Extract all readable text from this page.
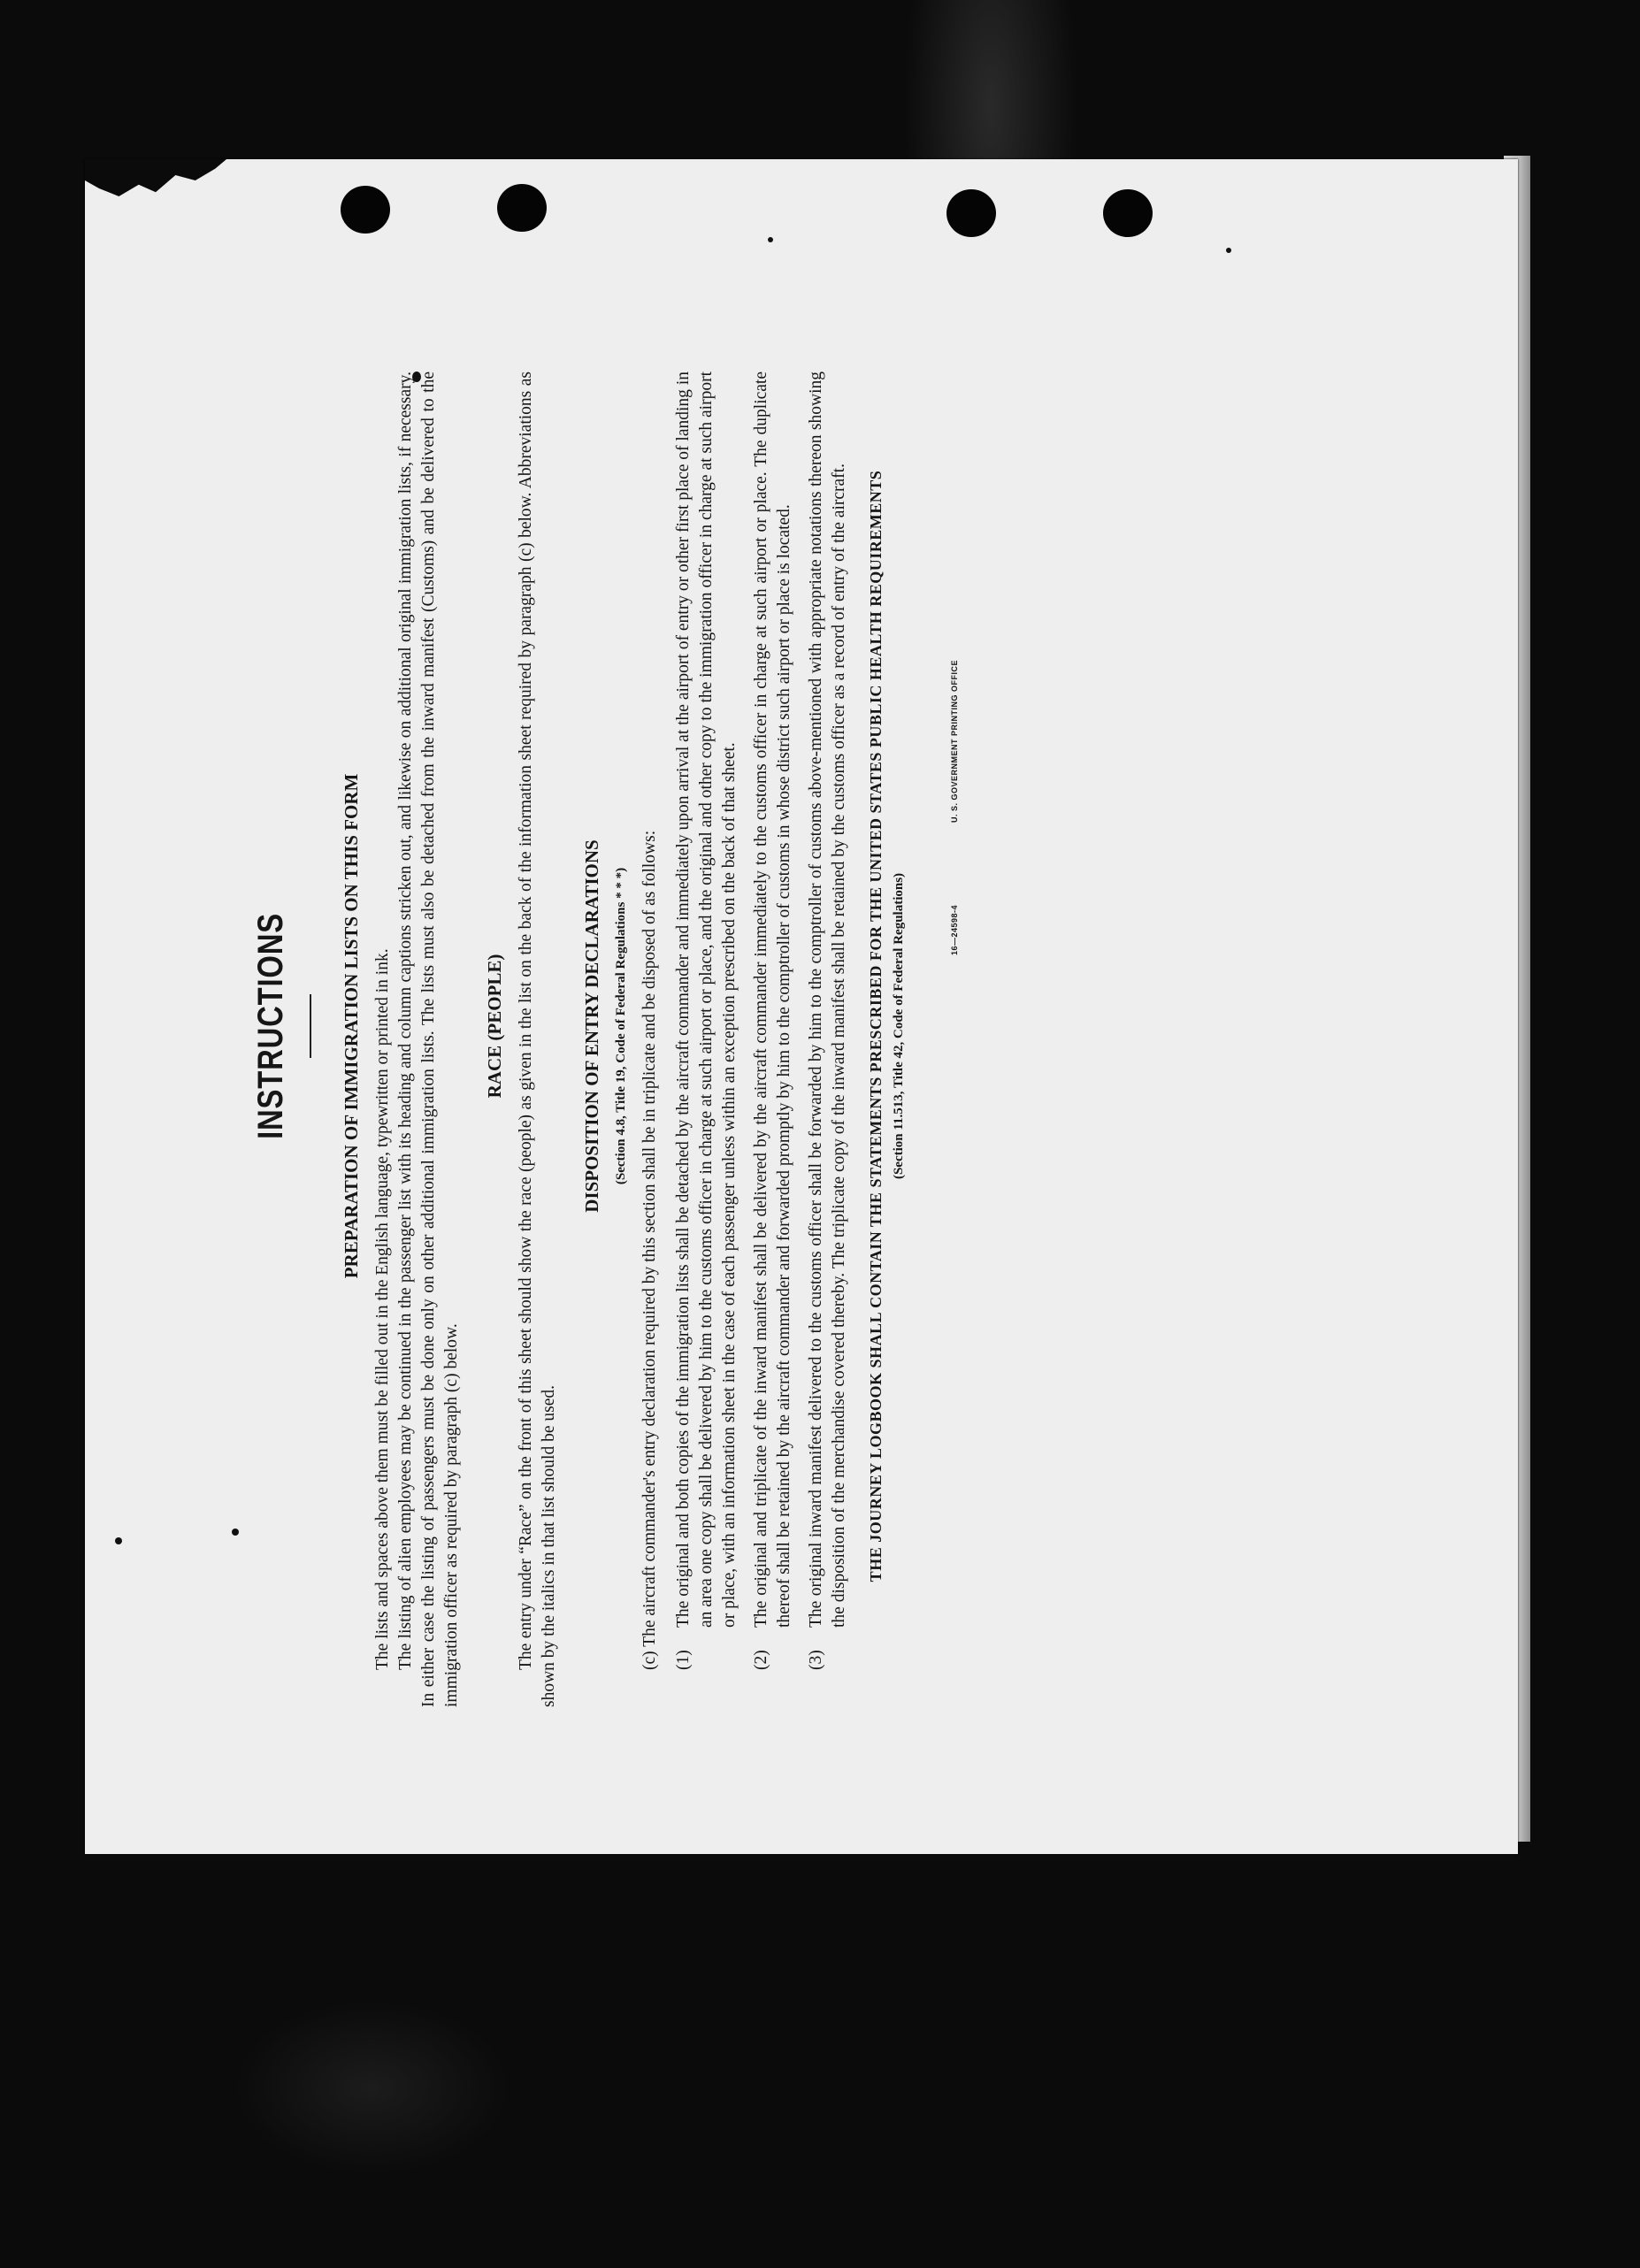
INSTRUCTIONS	PREPARATION OF IMMIGRATION LISTS ON THIS FORM The lists and spaces above them must be filled out in the English language, typewritten or printed in ink. The listing of alien employees may be continued in the passenger list with its heading and column captions stricken out, and likewise on additional original immigration lists, if necessary. In either case the listing of passengers must be done only on other additional immigration lists. The lists must also be detached from the inward manifest (Customs) and be delivered to the immigration officer as required by paragraph (c) below.

RACE (PEOPLE) The entry under “Race” on the front of this sheet should show the race (people) as given in the list on the back of the information sheet required by paragraph (c) below. Abbreviations as shown by the italics in that list should be used.

DISPOSITION OF ENTRY DECLARATIONS (Section 4.8, Title 19, Code of Federal Regulations * * *) (c) The aircraft commander's entry declaration required by this section shall be in triplicate and be disposed of as follows: (1)
The original and both copies of the immigration lists shall be detached by the aircraft commander and immediately upon arrival at the airport of entry or other first place of landing in an area one copy shall be delivered by him to the customs officer in charge at such airport or place, and the original and other copy to the immigration officer in charge at such airport or place, with an information sheet in the case of each passenger unless within an exception prescribed on the back of that sheet.
(2)
The original and triplicate of the inward manifest shall be delivered by the aircraft commander immediately to the customs officer in charge at such airport or place. The duplicate thereof shall be retained by the aircraft commander and forwarded promptly by him to the comptroller of customs in whose district such airport or place is located.
(3)
The original inward manifest delivered to the customs officer shall be forwarded by him to the comptroller of customs above-mentioned with appropriate notations thereon showing the disposition of the merchandise covered thereby. The triplicate copy of the inward manifest shall be retained by the customs officer as a record of entry of the aircraft. THE JOURNEY LOGBOOK SHALL CONTAIN THE STATEMENTS PRESCRIBED FOR THE UNITED STATES PUBLIC HEALTH REQUIREMENTS (Section 11.513, Title 42, Code of Federal Regulations)	16—24598-4
U. S. GOVERNMENT PRINTING OFFICE
